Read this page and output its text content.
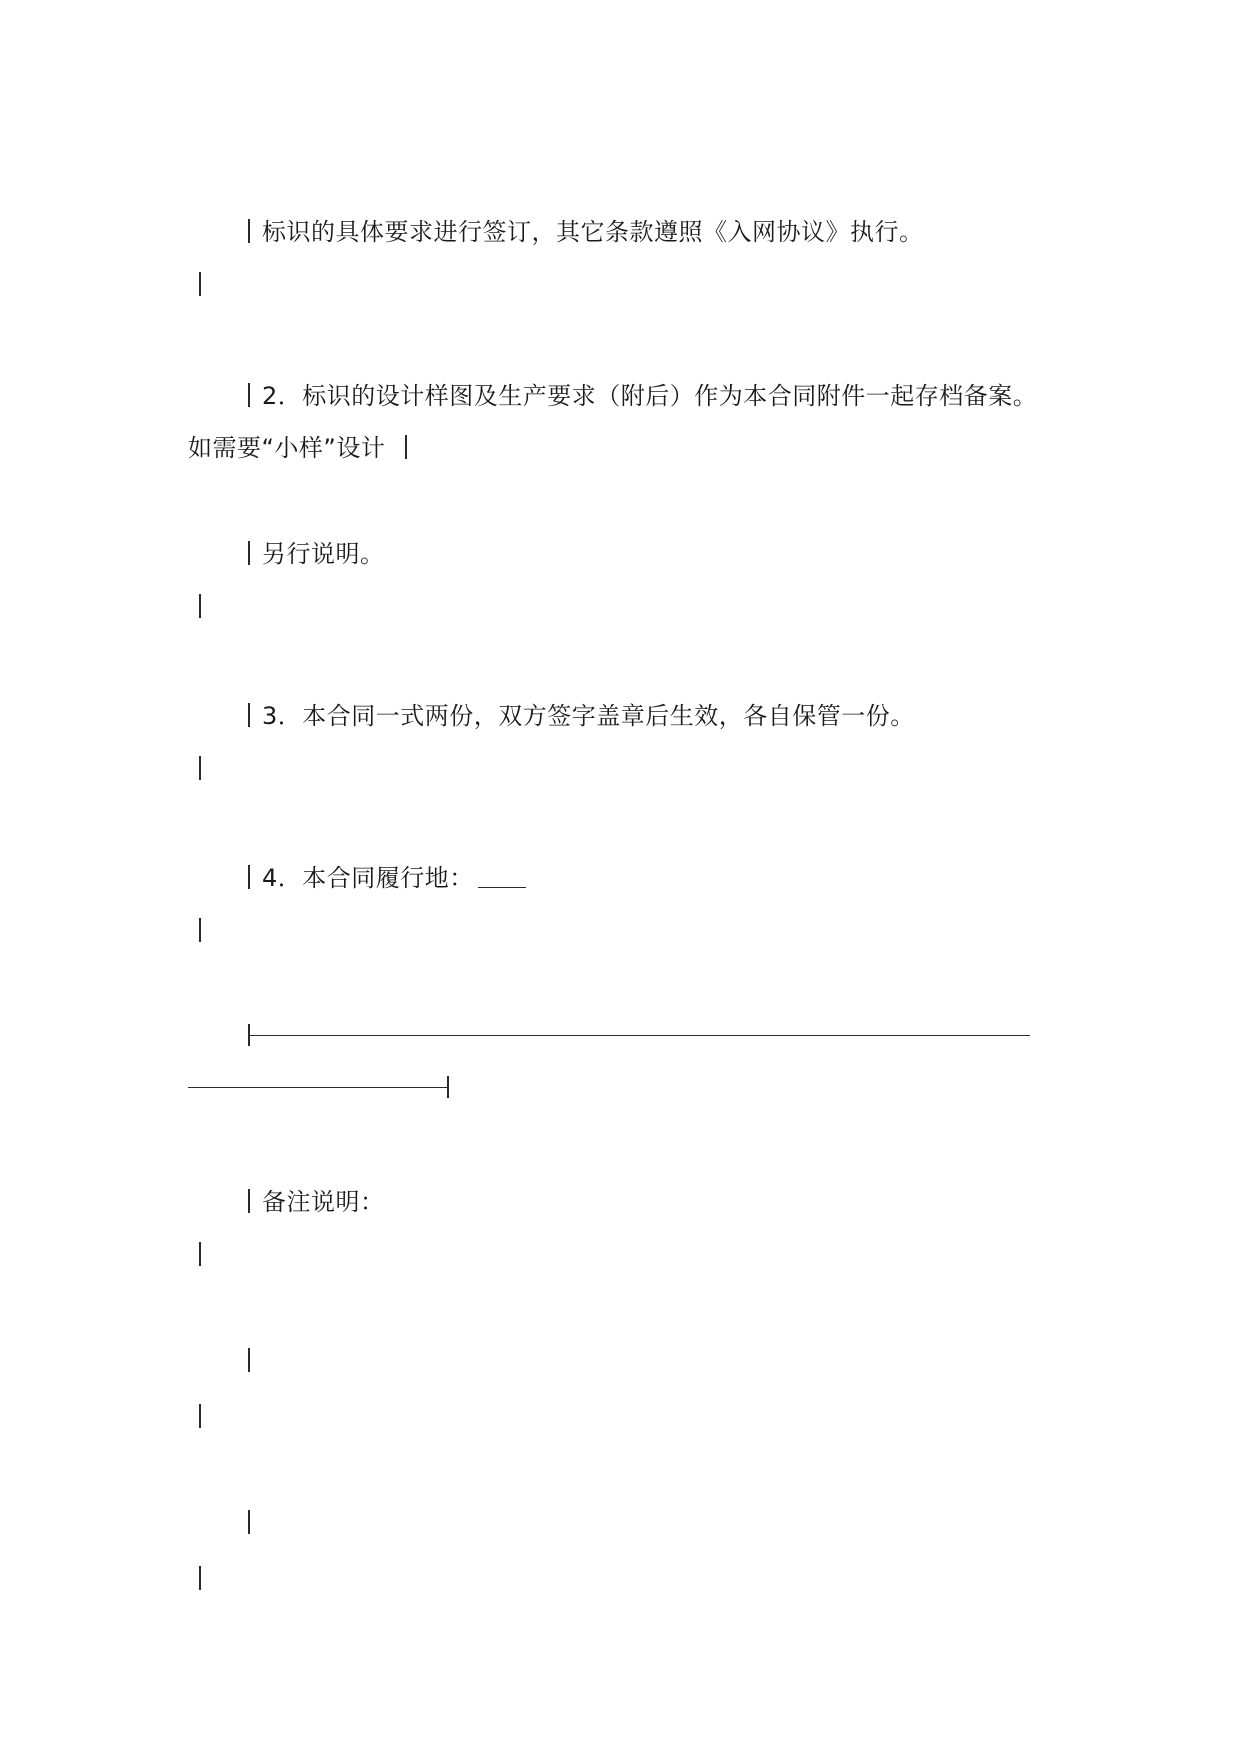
标识的具体要求进行签订，其它条款遵照《入网协议》执行。
2．标识的设计样图及生产要求（附后）作为本合同附件一起存档备案。
如需要“小样”设计
另行说明。
3．本合同一式两份，双方签字盖章后生效，各自保管一份。
4．本合同履行地：
备注说明：
